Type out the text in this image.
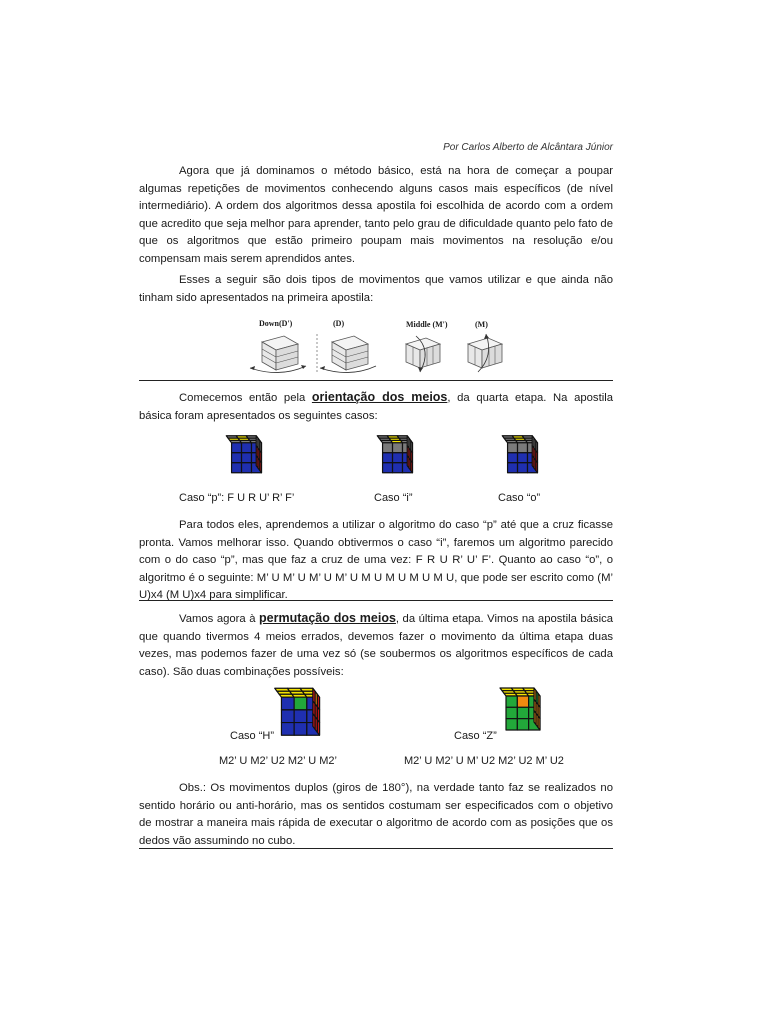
Por Carlos Alberto de Alcântara Júnior
Agora que já dominamos o método básico, está na hora de começar a poupar algumas repetições de movimentos conhecendo alguns casos mais específicos (de nível intermediário). A ordem dos algoritmos dessa apostila foi escolhida de acordo com a ordem que acredito que seja melhor para aprender, tanto pelo grau de dificuldade quanto pelo fato de que os algoritmos que estão primeiro poupam mais movimentos na resolução e/ou compensam mais serem aprendidos antes.
Esses a seguir são dois tipos de movimentos que vamos utilizar e que ainda não tinham sido apresentados na primeira apostila:
Down(D')	(D)	Middle (M')	(M)
Comecemos então pela orientação dos meios, da quarta etapa. Na apostila básica foram apresentados os seguintes casos:
Caso “p”: F U R U’ R’ F’	Caso “i”	Caso “o”
Para todos eles, aprendemos a utilizar o algoritmo do caso “p” até que a cruz ficasse pronta. Vamos melhorar isso. Quando obtivermos o caso “i”, faremos um algoritmo parecido com o do caso “p”, mas que faz a cruz de uma vez: F R U R’ U’ F’. Quanto ao caso “o”, o algoritmo é o seguinte: M’ U M’ U M’ U M’ U M U M U M U M U, que pode ser escrito como (M’ U)x4 (M U)x4 para simplificar.
Vamos agora à permutação dos meios, da última etapa. Vimos na apostila básica que quando tivermos 4 meios errados, devemos fazer o movimento da última etapa duas vezes, mas podemos fazer de uma vez só (se soubermos os algoritmos específicos de cada caso). São duas combinações possíveis:
Caso “H”	Caso “Z”
M2’ U M2’ U2 M2’ U M2’	M2’ U M2’ U M’ U2 M2’ U2 M’ U2
Obs.: Os movimentos duplos (giros de 180°), na verdade tanto faz se realizados no sentido horário ou anti-horário, mas os sentidos costumam ser especificados com o objetivo de mostrar a maneira mais rápida de executar o algoritmo de acordo com as posições que os dedos vão assumindo no cubo.
